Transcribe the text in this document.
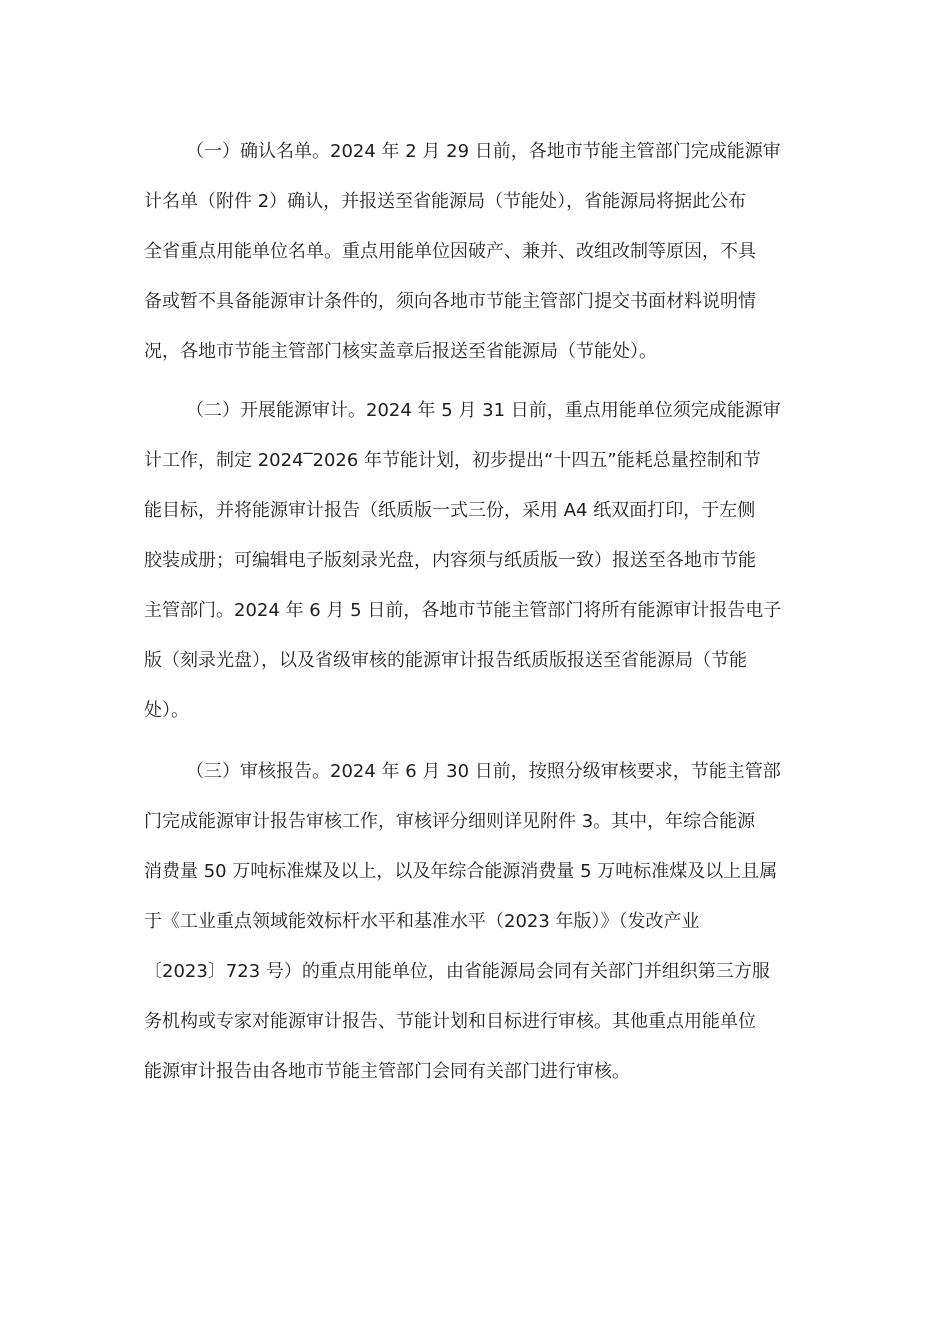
（一）确认名单。2024 年 2 月 29 日前，各地市节能主管部门完成能源审
计名单（附件 2）确认，并报送至省能源局（节能处），省能源局将据此公布
全省重点用能单位名单。重点用能单位因破产、兼并、改组改制等原因，不具
备或暂不具备能源审计条件的，须向各地市节能主管部门提交书面材料说明情
况，各地市节能主管部门核实盖章后报送至省能源局（节能处）。
（二）开展能源审计。2024 年 5 月 31 日前，重点用能单位须完成能源审
计工作，制定 2024‾2026 年节能计划，初步提出“十四五”能耗总量控制和节
能目标，并将能源审计报告（纸质版一式三份，采用 A4 纸双面打印，于左侧
胶装成册；可编辑电子版刻录光盘，内容须与纸质版一致）报送至各地市节能
主管部门。2024 年 6 月 5 日前，各地市节能主管部门将所有能源审计报告电子
版（刻录光盘），以及省级审核的能源审计报告纸质版报送至省能源局（节能
处）。
（三）审核报告。2024 年 6 月 30 日前，按照分级审核要求，节能主管部
门完成能源审计报告审核工作，审核评分细则详见附件 3。其中，年综合能源
消费量 50 万吨标准煤及以上，以及年综合能源消费量 5 万吨标准煤及以上且属
于《工业重点领域能效标杆水平和基准水平（2023 年版）》（发改产业
〔2023〕723 号）的重点用能单位，由省能源局会同有关部门并组织第三方服
务机构或专家对能源审计报告、节能计划和目标进行审核。其他重点用能单位
能源审计报告由各地市节能主管部门会同有关部门进行审核。
